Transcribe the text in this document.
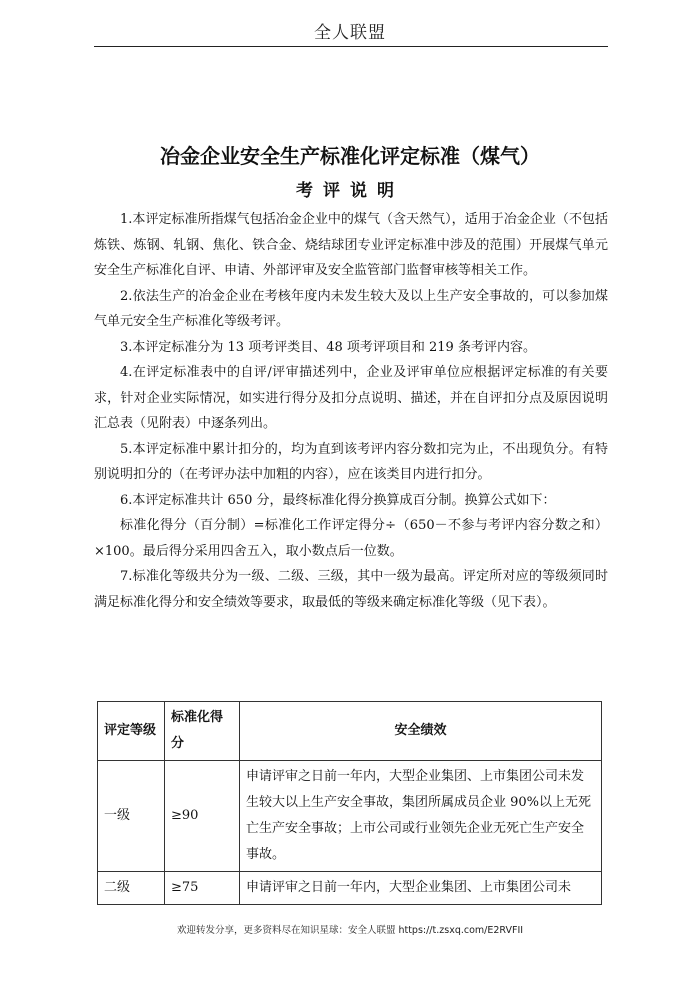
全人联盟
冶金企业安全生产标准化评定标准（煤气）
考评说明

1.本评定标准所指煤气包括冶金企业中的煤气（含天然气），适用于冶金企业（不包括炼铁、炼钢、轧钢、焦化、铁合金、烧结球团专业评定标准中涉及的范围）开展煤气单元安全生产标准化自评、申请、外部评审及安全监管部门监督审核等相关工作。

2.依法生产的冶金企业在考核年度内未发生较大及以上生产安全事故的，可以参加煤气单元安全生产标准化等级考评。

3.本评定标准分为 13 项考评类目、48 项考评项目和 219 条考评内容。

4.在评定标准表中的自评/评审描述列中，企业及评审单位应根据评定标准的有关要求，针对企业实际情况，如实进行得分及扣分点说明、描述，并在自评扣分点及原因说明汇总表（见附表）中逐条列出。

5.本评定标准中累计扣分的，均为直到该考评内容分数扣完为止，不出现负分。有特别说明扣分的（在考评办法中加粗的内容），应在该类目内进行扣分。

6.本评定标准共计 650 分，最终标准化得分换算成百分制。换算公式如下：

标准化得分（百分制）=标准化工作评定得分÷（650－不参与考评内容分数之和）×100。最后得分采用四舍五入，取小数点后一位数。

7.标准化等级共分为一级、二级、三级，其中一级为最高。评定所对应的等级须同时满足标准化得分和安全绩效等要求，取最低的等级来确定标准化等级（见下表）。

评定等级	标准化得分	安全绩效
一级	≥90	申请评审之日前一年内，大型企业集团、上市集团公司未发生较大以上生产安全事故，集团所属成员企业 90%以上无死亡生产安全事故；上市公司或行业领先企业无死亡生产安全事故。
二级	≥75	申请评审之日前一年内，大型企业集团、上市集团公司未
欢迎转发分享，更多资料尽在知识星球：安全人联盟 https://t.zsxq.com/E2RVFII
